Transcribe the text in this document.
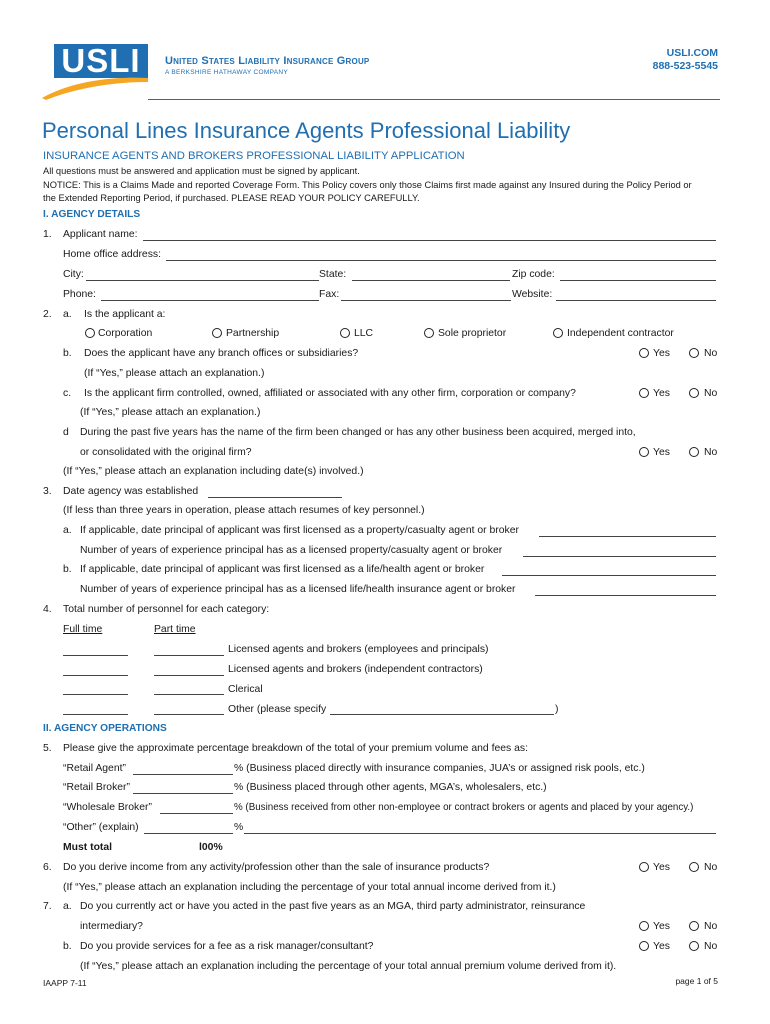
USLI United States Liability Insurance Group
A BERKSHIRE HATHAWAY COMPANY
USLI.COM
888-523-5545
Personal Lines Insurance Agents Professional Liability
INSURANCE AGENTS AND BROKERS PROFESSIONAL LIABILITY APPLICATION
All questions must be answered and application must be signed by applicant.
NOTICE: This is a Claims Made and reported Coverage Form. This Policy covers only those Claims first made against any Insured during the Policy Period or
the Extended Reporting Period, if purchased. PLEASE READ YOUR POLICY CAREFULLY.
I. AGENCY DETAILS
1. Applicant name:
Home office address:
City:	State:	Zip code:
Phone:	Fax:	Website:
2. a. Is the applicant a:
Corporation	Partnership	LLC	Sole proprietor	Independent contractor
b. Does the applicant have any branch offices or subsidiaries?	Yes	No
(If “Yes,” please attach an explanation.)
c. Is the applicant firm controlled, owned, affiliated or associated with any other firm, corporation or company?	Yes	No
(If “Yes,” please attach an explanation.)
d During the past five years has the name of the firm been changed or has any other business been acquired, merged into,
or consolidated with the original firm?	Yes	No
(If “Yes,” please attach an explanation including date(s) involved.)
3. Date agency was established
(If less than three years in operation, please attach resumes of key personnel.)
a. If applicable, date principal of applicant was first licensed as a property/casualty agent or broker
Number of years of experience principal has as a licensed property/casualty agent or broker
b. If applicable, date principal of applicant was first licensed as a life/health agent or broker
Number of years of experience principal has as a licensed life/health insurance agent or broker
4. Total number of personnel for each category:
Full time	Part time
Licensed agents and brokers (employees and principals)
Licensed agents and brokers (independent contractors)
Clerical
Other (please specify	)
II. AGENCY OPERATIONS
5. Please give the approximate percentage breakdown of the total of your premium volume and fees as:
“Retail Agent”	% (Business placed directly with insurance companies, JUA’s or assigned risk pools, etc.)
“Retail Broker”	% (Business placed through other agents, MGA’s, wholesalers, etc.)
“Wholesale Broker”	% (Business received from other non-employee or contract brokers or agents and placed by your agency.)
“Other” (explain)	%
Must total	l00%
6. Do you derive income from any activity/profession other than the sale of insurance products?	Yes	No
(If “Yes,” please attach an explanation including the percentage of your total annual income derived from it.)
7. a. Do you currently act or have you acted in the past five years as an MGA, third party administrator, reinsurance
intermediary?	Yes	No
b. Do you provide services for a fee as a risk manager/consultant?	Yes	No
(If “Yes,” please attach an explanation including the percentage of your total annual premium volume derived from it).
IAAPP 7-11	page 1 of 5
